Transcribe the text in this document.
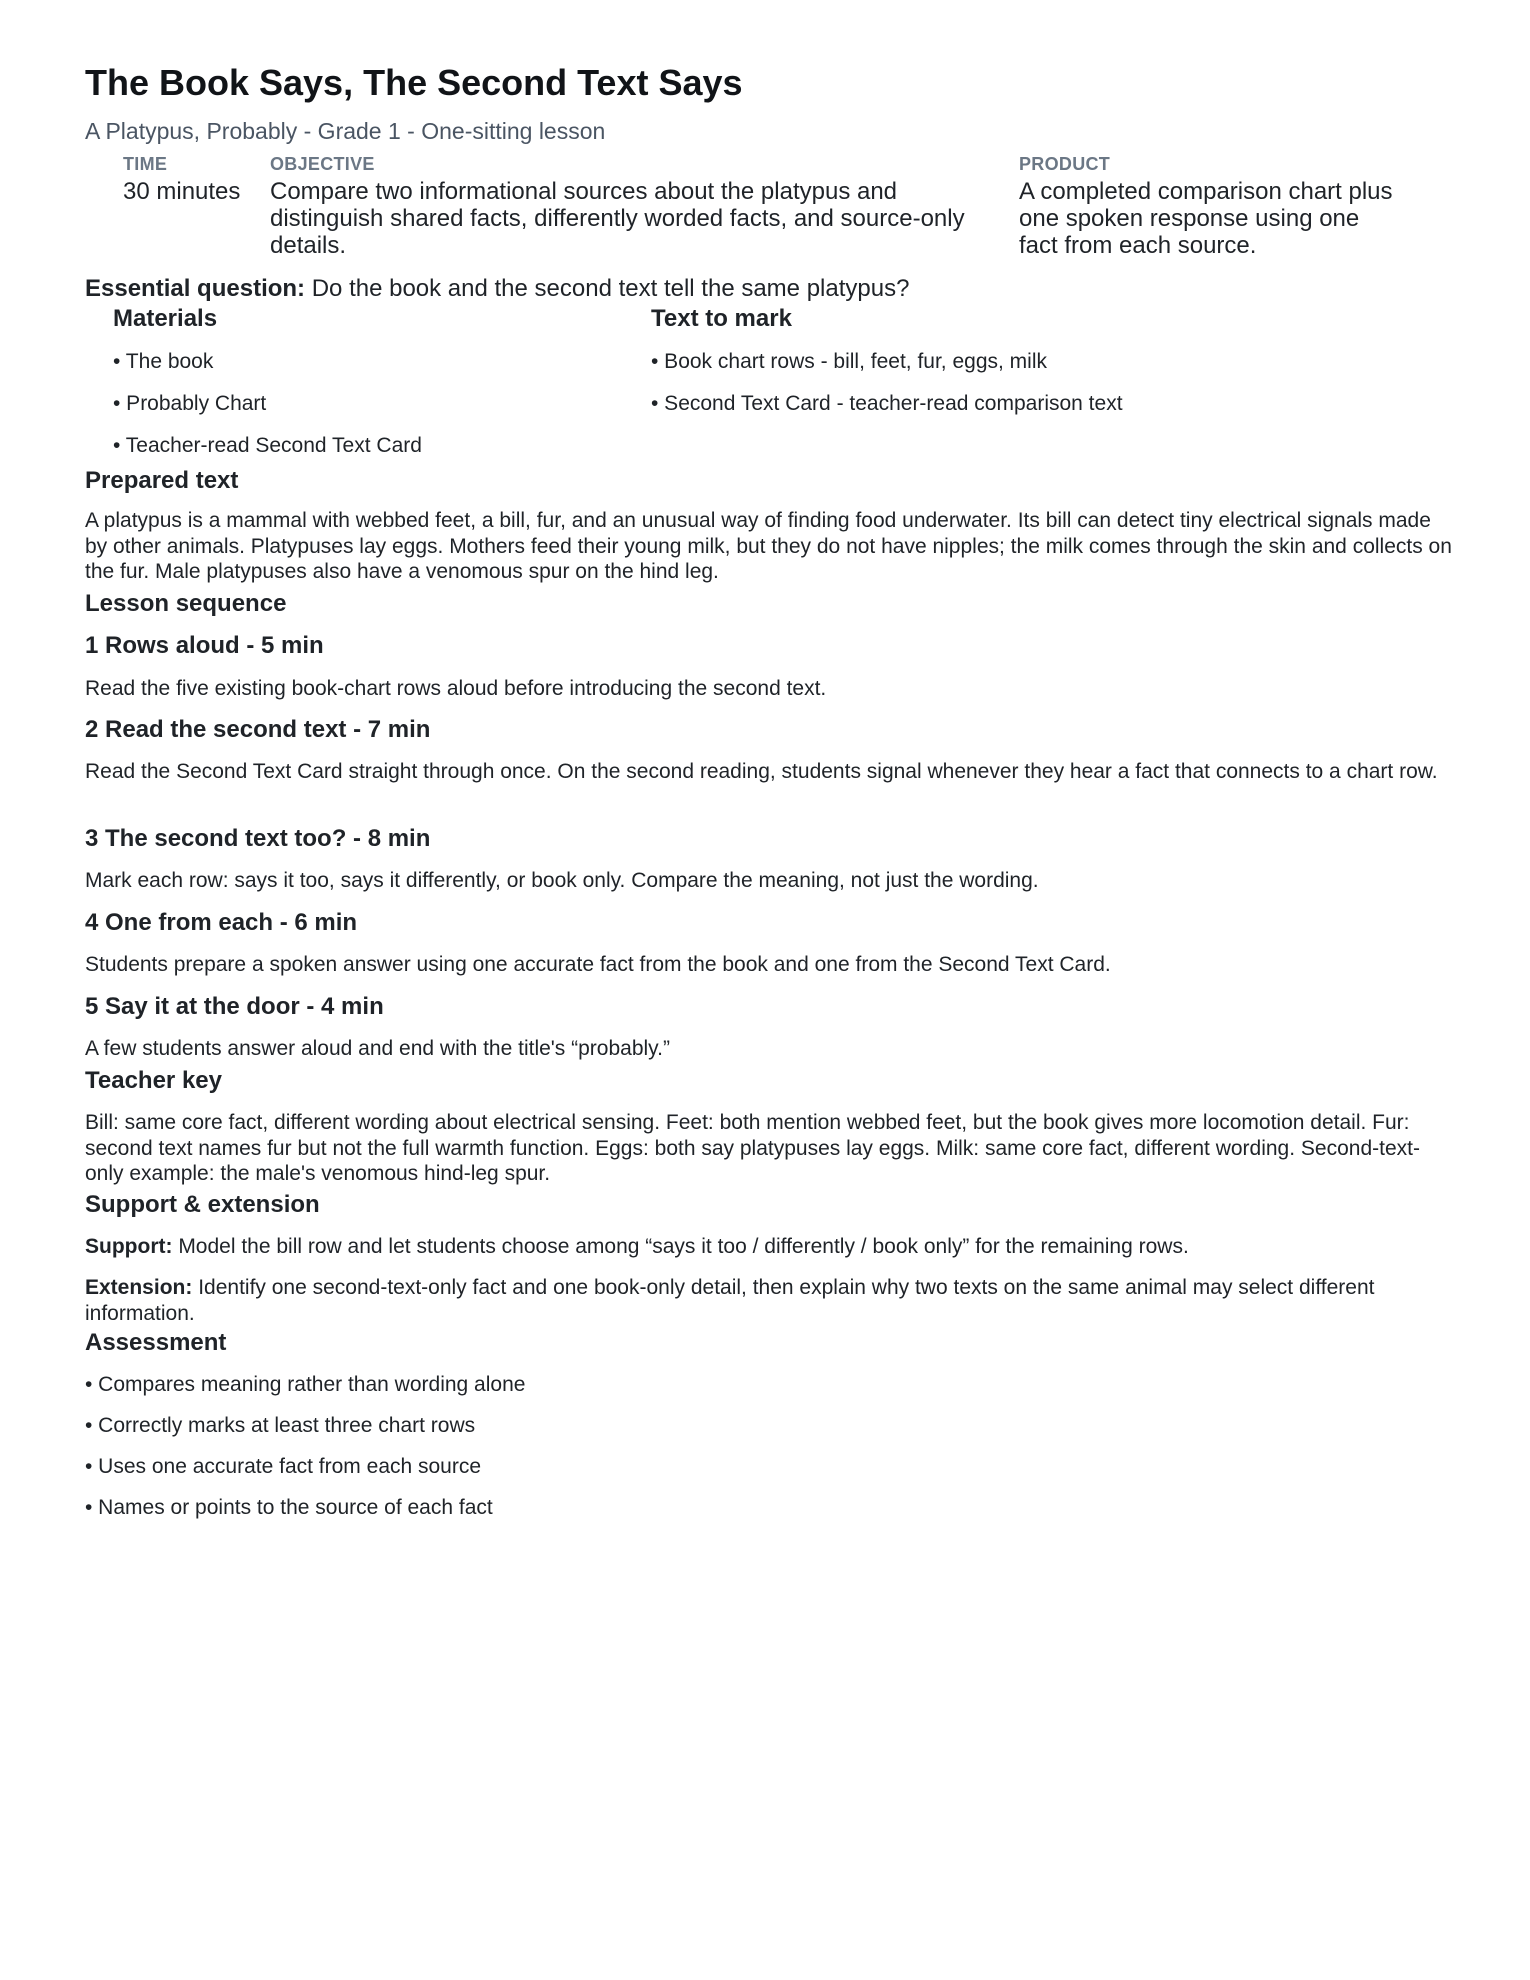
The Book Says, The Second Text Says
A Platypus, Probably - Grade 1 - One-sitting lesson
TIME
30 minutes
OBJECTIVE
Compare two informational sources about the platypus and distinguish shared facts, differently worded facts, and source-only details.
PRODUCT
A completed comparison chart plus one spoken response using one fact from each source.
Essential question: Do the book and the second text tell the same platypus?
Materials
• The book
• Probably Chart
• Teacher-read Second Text Card
Text to mark
• Book chart rows - bill, feet, fur, eggs, milk
• Second Text Card - teacher-read comparison text
Prepared text
A platypus is a mammal with webbed feet, a bill, fur, and an unusual way of finding food underwater. Its bill can detect tiny electrical signals made by other animals. Platypuses lay eggs. Mothers feed their young milk, but they do not have nipples; the milk comes through the skin and collects on the fur. Male platypuses also have a venomous spur on the hind leg.
Lesson sequence
1 Rows aloud - 5 min
Read the five existing book-chart rows aloud before introducing the second text.
2 Read the second text - 7 min
Read the Second Text Card straight through once. On the second reading, students signal whenever they hear a fact that connects to a chart row.
3 The second text too? - 8 min
Mark each row: says it too, says it differently, or book only. Compare the meaning, not just the wording.
4 One from each - 6 min
Students prepare a spoken answer using one accurate fact from the book and one from the Second Text Card.
5 Say it at the door - 4 min
A few students answer aloud and end with the title's “probably.”
Teacher key
Bill: same core fact, different wording about electrical sensing. Feet: both mention webbed feet, but the book gives more locomotion detail. Fur: second text names fur but not the full warmth function. Eggs: both say platypuses lay eggs. Milk: same core fact, different wording. Second-text-only example: the male's venomous hind-leg spur.
Support & extension
Support: Model the bill row and let students choose among “says it too / differently / book only” for the remaining rows.
Extension: Identify one second-text-only fact and one book-only detail, then explain why two texts on the same animal may select different information.
Assessment
• Compares meaning rather than wording alone
• Correctly marks at least three chart rows
• Uses one accurate fact from each source
• Names or points to the source of each fact
